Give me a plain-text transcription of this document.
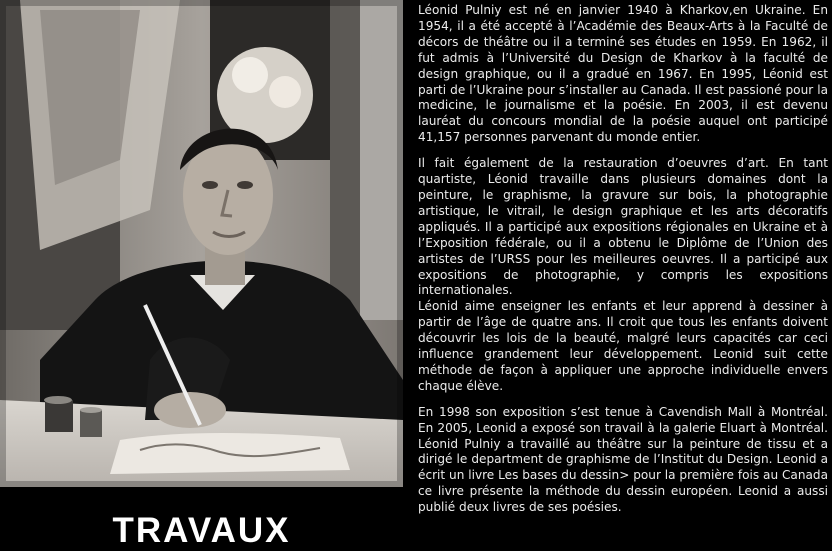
TRAVAUX

Léonid Pulniy est né en janvier 1940 à Kharkov,en Ukraine. En 1954, il a été accepté à l’Académie des Beaux-Arts à la Faculté de décors de théâtre ou il a terminé ses études en 1959. En 1962, il fut admis à l’Université du Design de Kharkov à la faculté de design graphique, ou il a gradué en 1967. En 1995, Léonid est parti de l’Ukraine pour s’installer au Canada. Il est passioné pour la medicine, le journalisme et la poésie. En 2003, il est devenu lauréat du concours mondial de la poésie auquel ont participé 41,157 personnes parvenant du monde entier.

Il fait également de la restauration d’oeuvres d’art. En tant quartiste, Léonid travaille dans plusieurs domaines dont la peinture, le graphisme, la gravure sur bois, la photographie artistique, le vitrail, le design graphique et les arts décoratifs appliqués. Il a participé aux expositions régionales en Ukraine et à l’Exposition fédérale, ou il a obtenu le Diplôme de l’Union des artistes de l’URSS pour les meilleures oeuvres. Il a participé aux expositions de photographie, y compris les expositions internationales.

Léonid aime enseigner les enfants et leur apprend à dessiner à partir de l’âge de quatre ans. Il croit que tous les enfants doivent découvrir les lois de la beauté, malgré leurs capacités car ceci influence grandement leur développement. Leonid suit cette méthode de façon à appliquer une approche individuelle envers chaque élève.

En 1998 son exposition s’est tenue à Cavendish Mall à Montréal. En 2005, Leonid a exposé son travail à la galerie Eluart à Montréal. Léonid Pulniy a travaillé au théâtre sur la peinture de tissu et a dirigé le department de graphisme de l’Institut du Design. Leonid a écrit un livre Les bases du dessin> pour la première fois au Canada ce livre présente la méthode du dessin européen. Leonid a aussi publié deux livres de ses poésies.
